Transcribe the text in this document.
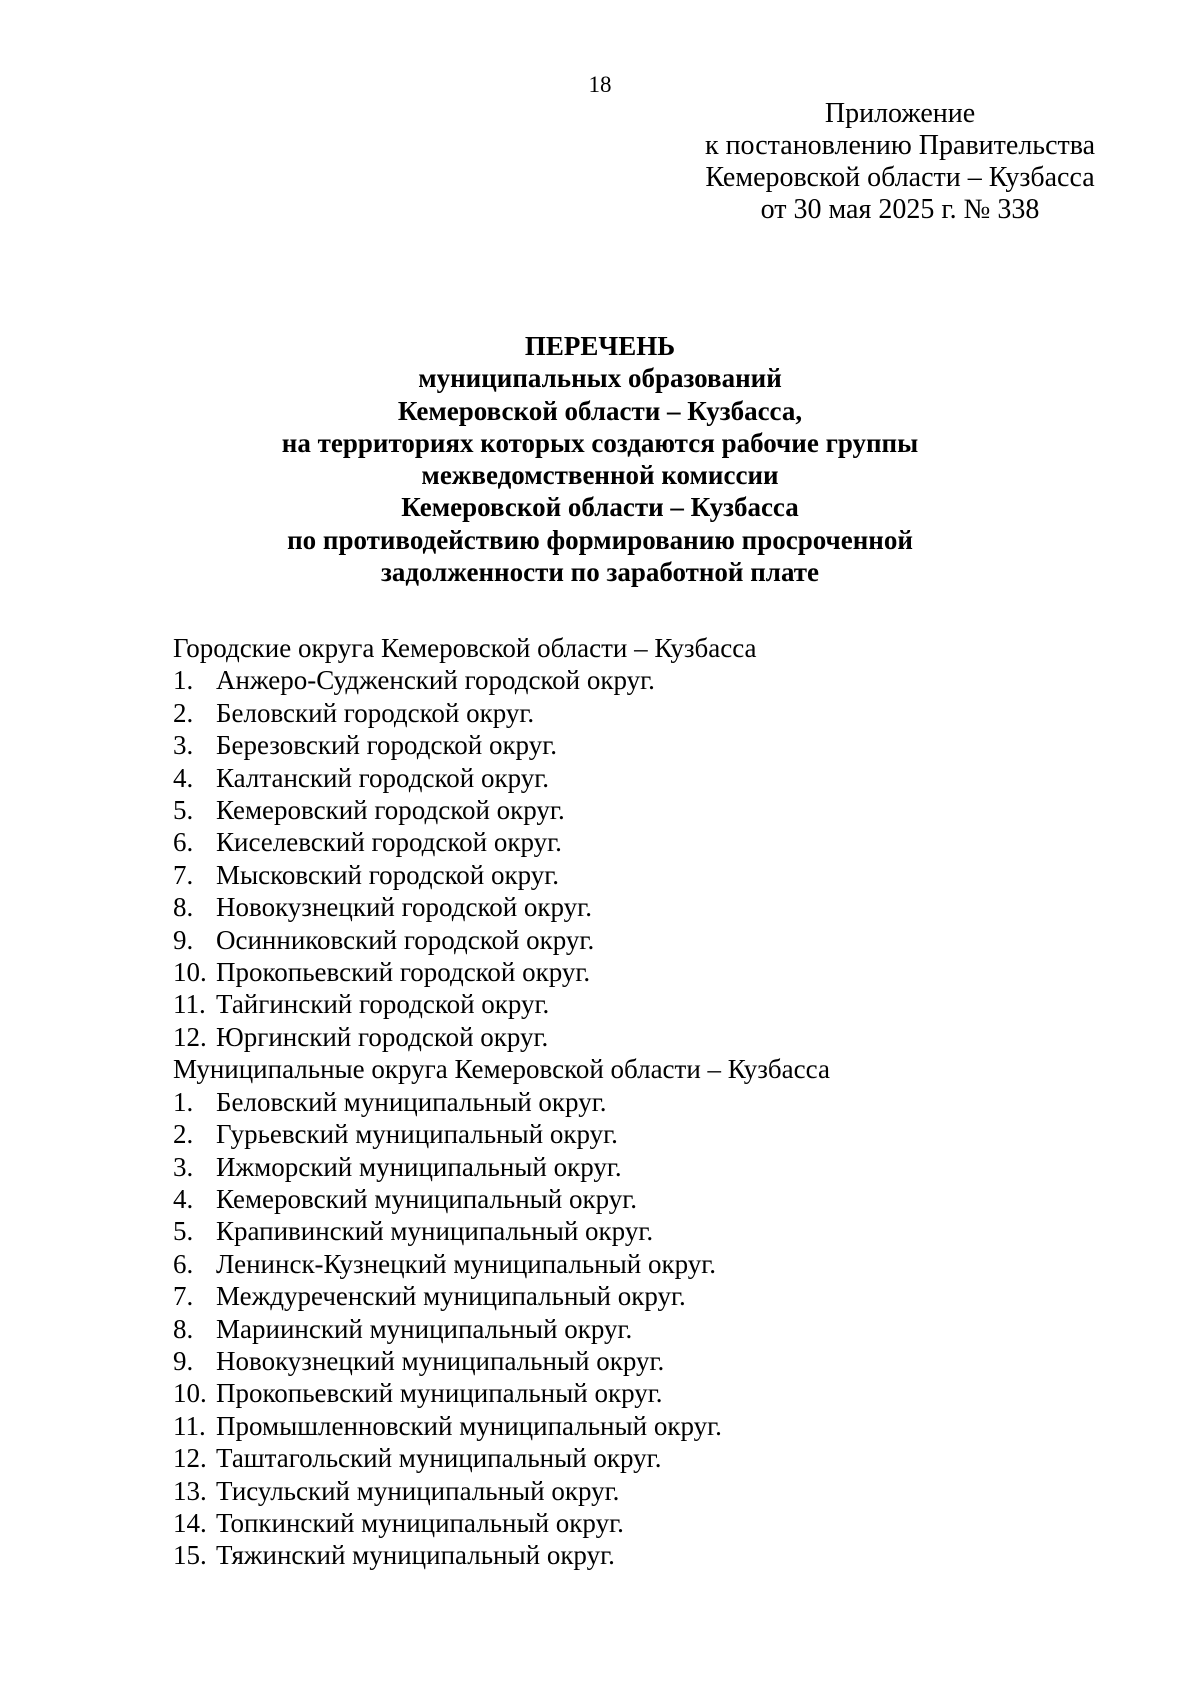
18
Приложение
к постановлению Правительства
Кемеровской области – Кузбасса
от 30 мая 2025 г. № 338
ПЕРЕЧЕНЬ
муниципальных образований
Кемеровской области – Кузбасса,
на территориях которых создаются рабочие группы
межведомственной комиссии
Кемеровской области – Кузбасса
по противодействию формированию просроченной
задолженности по заработной плате
Городские округа Кемеровской области – Кузбасса
1. Анжеро-Судженский городской округ.
2. Беловский городской округ.
3. Березовский городской округ.
4. Калтанский городской округ.
5. Кемеровский городской округ.
6. Киселевский городской округ.
7. Мысковский городской округ.
8. Новокузнецкий городской округ.
9. Осинниковский городской округ.
10. Прокопьевский городской округ.
11. Тайгинский городской округ.
12. Юргинский городской округ.
Муниципальные округа Кемеровской области – Кузбасса
1. Беловский муниципальный округ.
2. Гурьевский муниципальный округ.
3. Ижморский муниципальный округ.
4. Кемеровский муниципальный округ.
5. Крапивинский муниципальный округ.
6. Ленинск-Кузнецкий муниципальный округ.
7. Междуреченский муниципальный округ.
8. Мариинский муниципальный округ.
9. Новокузнецкий муниципальный округ.
10. Прокопьевский муниципальный округ.
11. Промышленновский муниципальный округ.
12. Таштагольский муниципальный округ.
13. Тисульский муниципальный округ.
14. Топкинский муниципальный округ.
15. Тяжинский муниципальный округ.
